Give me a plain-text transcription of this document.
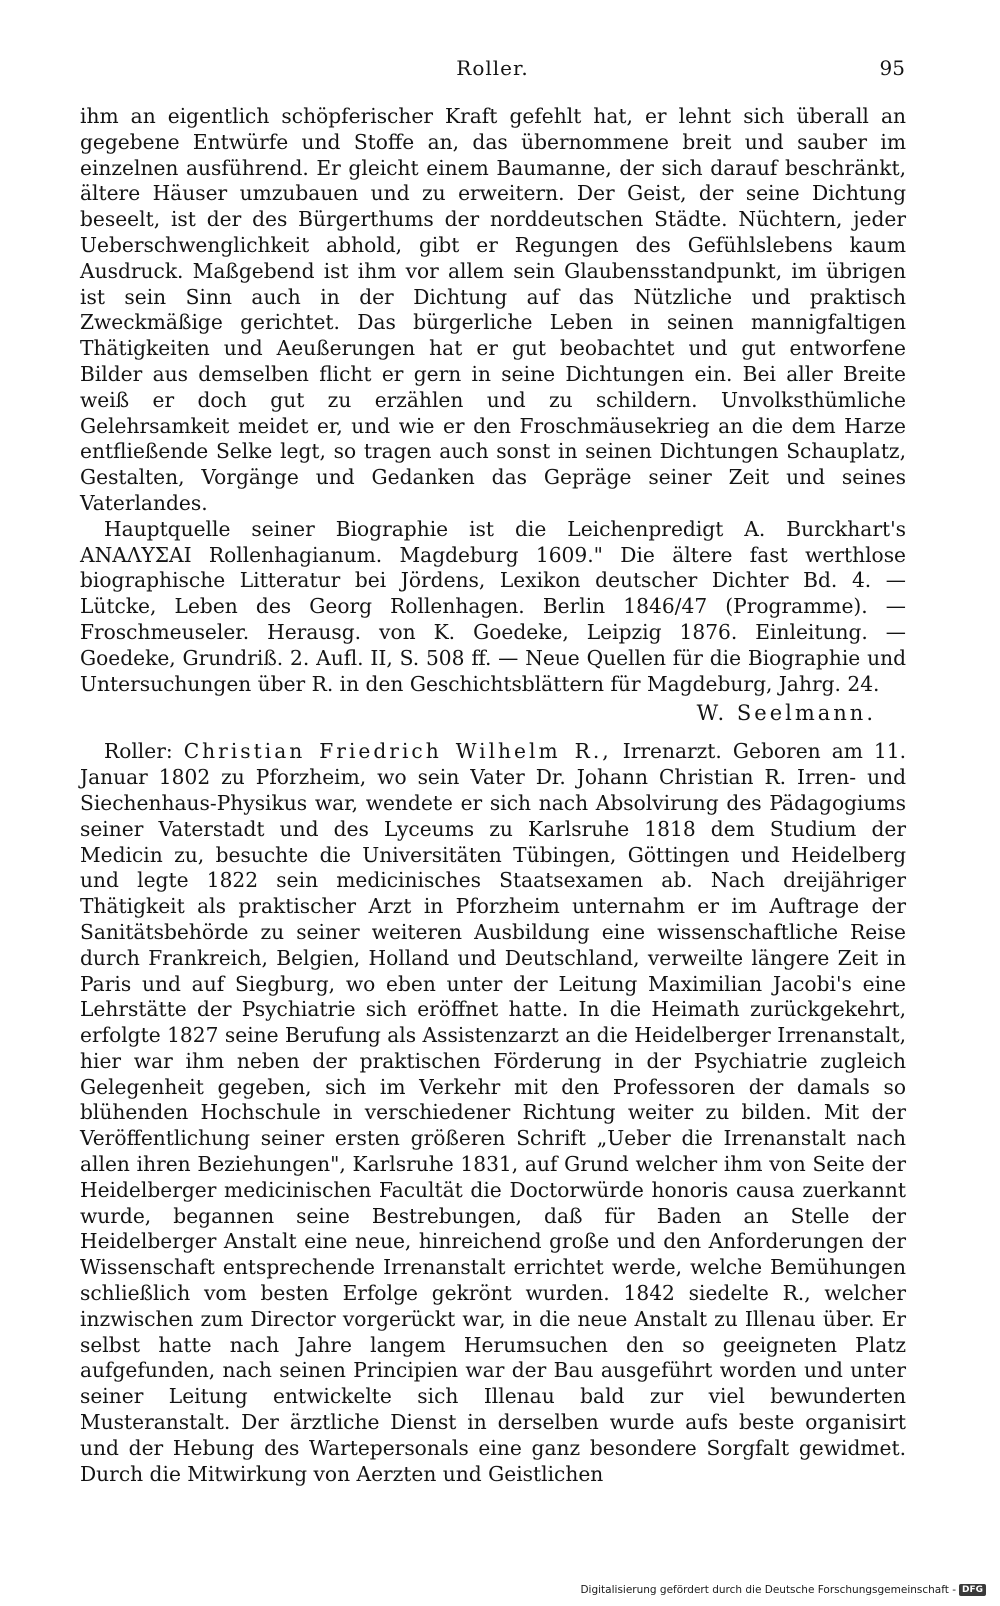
Roller.	95

ihm an eigentlich schöpferischer Kraft gefehlt hat, er lehnt sich überall an gegebene Entwürfe und Stoffe an, das übernommene breit und sauber im einzelnen ausführend. Er gleicht einem Baumanne, der sich darauf beschränkt, ältere Häuser umzubauen und zu erweitern. Der Geist, der seine Dichtung beseelt, ist der des Bürgerthums der norddeutschen Städte. Nüchtern, jeder Ueberschwenglichkeit abhold, gibt er Regungen des Gefühlslebens kaum Ausdruck. Maßgebend ist ihm vor allem sein Glaubensstandpunkt, im übrigen ist sein Sinn auch in der Dichtung auf das Nützliche und praktisch Zweckmäßige gerichtet. Das bürgerliche Leben in seinen mannigfaltigen Thätigkeiten und Aeußerungen hat er gut beobachtet und gut entworfene Bilder aus demselben flicht er gern in seine Dichtungen ein. Bei aller Breite weiß er doch gut zu erzählen und zu schildern. Unvolksthümliche Gelehrsamkeit meidet er, und wie er den Froschmäusekrieg an die dem Harze entfließende Selke legt, so tragen auch sonst in seinen Dichtungen Schauplatz, Gestalten, Vorgänge und Gedanken das Gepräge seiner Zeit und seines Vaterlandes.

Hauptquelle seiner Biographie ist die Leichenpredigt A. Burckhart's ΑΝΑΛΥΣΑΙ Rollenhagianum. Magdeburg 1609." Die ältere fast werthlose biographische Litteratur bei Jördens, Lexikon deutscher Dichter Bd. 4. — Lütcke, Leben des Georg Rollenhagen. Berlin 1846/47 (Programme). — Froschmeuseler. Herausg. von K. Goedeke, Leipzig 1876. Einleitung. — Goedeke, Grundriß. 2. Aufl. II, S. 508 ff. — Neue Quellen für die Biographie und Untersuchungen über R. in den Geschichtsblättern für Magdeburg, Jahrg. 24.

W. Seelmann.

Roller: Christian Friedrich Wilhelm R., Irrenarzt. Geboren am 11. Januar 1802 zu Pforzheim, wo sein Vater Dr. Johann Christian R. Irren- und Siechenhaus-Physikus war, wendete er sich nach Absolvirung des Pädagogiums seiner Vaterstadt und des Lyceums zu Karlsruhe 1818 dem Studium der Medicin zu, besuchte die Universitäten Tübingen, Göttingen und Heidelberg und legte 1822 sein medicinisches Staatsexamen ab. Nach dreijähriger Thätigkeit als praktischer Arzt in Pforzheim unternahm er im Auftrage der Sanitätsbehörde zu seiner weiteren Ausbildung eine wissenschaftliche Reise durch Frankreich, Belgien, Holland und Deutschland, verweilte längere Zeit in Paris und auf Siegburg, wo eben unter der Leitung Maximilian Jacobi's eine Lehrstätte der Psychiatrie sich eröffnet hatte. In die Heimath zurückgekehrt, erfolgte 1827 seine Berufung als Assistenzarzt an die Heidelberger Irrenanstalt, hier war ihm neben der praktischen Förderung in der Psychiatrie zugleich Gelegenheit gegeben, sich im Verkehr mit den Professoren der damals so blühenden Hochschule in verschiedener Richtung weiter zu bilden. Mit der Veröffentlichung seiner ersten größeren Schrift „Ueber die Irrenanstalt nach allen ihren Beziehungen", Karlsruhe 1831, auf Grund welcher ihm von Seite der Heidelberger medicinischen Facultät die Doctorwürde honoris causa zuerkannt wurde, begannen seine Bestrebungen, daß für Baden an Stelle der Heidelberger Anstalt eine neue, hinreichend große und den Anforderungen der Wissenschaft entsprechende Irrenanstalt errichtet werde, welche Bemühungen schließlich vom besten Erfolge gekrönt wurden. 1842 siedelte R., welcher inzwischen zum Director vorgerückt war, in die neue Anstalt zu Illenau über. Er selbst hatte nach Jahre langem Herumsuchen den so geeigneten Platz aufgefunden, nach seinen Principien war der Bau ausgeführt worden und unter seiner Leitung entwickelte sich Illenau bald zur viel bewunderten Musteranstalt. Der ärztliche Dienst in derselben wurde aufs beste organisirt und der Hebung des Wartepersonals eine ganz besondere Sorgfalt gewidmet. Durch die Mitwirkung von Aerzten und Geistlichen

Digitalisierung gefördert durch die Deutsche Forschungsgemeinschaft - DFG
